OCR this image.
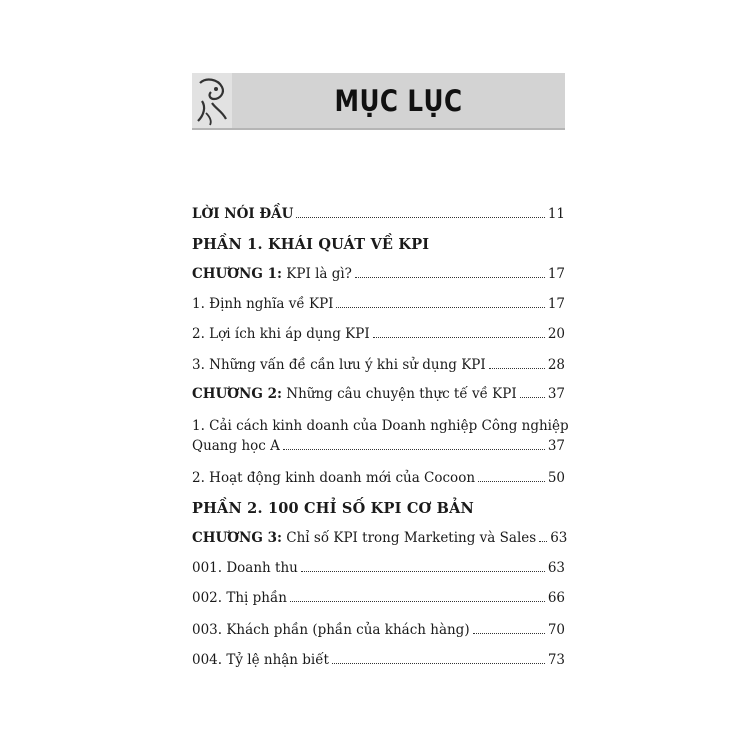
MỤC LỤC
LỜI NÓI ĐẦU	11
PHẦN 1. KHÁI QUÁT VỀ KPI
CHƯƠNG 1: KPI là gì?	17
1. Định nghĩa về KPI	17
2. Lợi ích khi áp dụng KPI	20
3. Những vấn đề cần lưu ý khi sử dụng KPI	28
CHƯƠNG 2: Những câu chuyện thực tế về KPI 37
1. Cải cách kinh doanh của Doanh nghiệp Công nghiệp
Quang học A	37
2. Hoạt động kinh doanh mới của Cocoon	50
PHẦN 2. 100 CHỈ SỐ KPI CƠ BẢN
CHƯƠNG 3: Chỉ số KPI trong Marketing và Sales 63
001. Doanh thu	63
002. Thị phần	66
003. Khách phần (phần của khách hàng)	70
004. Tỷ lệ nhận biết	73
